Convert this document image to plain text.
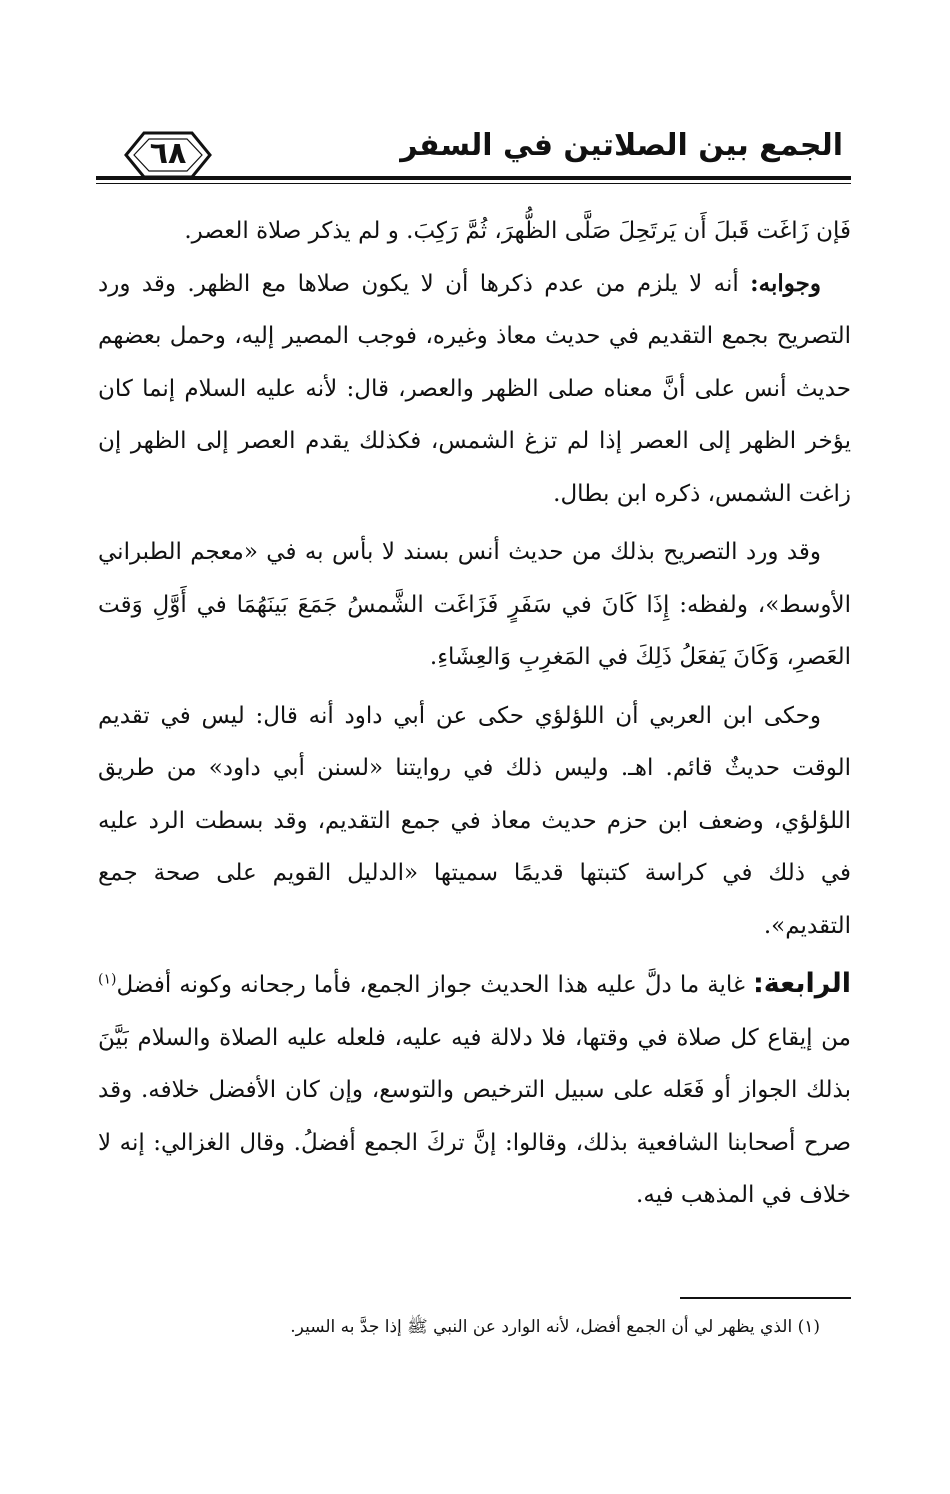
٦٨	الجمع بين الصلاتين في السفر

فَإن زَاغَت قَبلَ أَن يَرتَحِلَ صَلَّى الظُّهرَ، ثُمَّ رَكِبَ. و لم يذكر صلاة العصر.

وجوابه: أنه لا يلزم من عدم ذكرها أن لا يكون صلاها مع الظهر. وقد ورد التصريح بجمع التقديم في حديث معاذ وغيره، فوجب المصير إليه، وحمل بعضهم حديث أنس على أنَّ معناه صلى الظهر والعصر، قال: لأنه عليه السلام إنما كان يؤخر الظهر إلى العصر إذا لم تزغ الشمس، فكذلك يقدم العصر إلى الظهر إن زاغت الشمس، ذكره ابن بطال.

وقد ورد التصريح بذلك من حديث أنس بسند لا بأس به في «معجم الطبراني الأوسط»، ولفظه: إِذَا كَانَ في سَفَرٍ فَزَاغَت الشَّمسُ جَمَعَ بَينَهُمَا في أَوَّلِ وَقت العَصرِ، وَكَانَ يَفعَلُ ذَلِكَ في المَغرِبِ وَالعِشَاءِ.

وحكى ابن العربي أن اللؤلؤي حكى عن أبي داود أنه قال: ليس في تقديم الوقت حديثٌ قائم. اهـ. وليس ذلك في روايتنا «لسنن أبي داود» من طريق اللؤلؤي، وضعف ابن حزم حديث معاذ في جمع التقديم، وقد بسطت الرد عليه في ذلك في كراسة كتبتها قديمًا سميتها «الدليل القويم على صحة جمع التقديم».

الرابعة: غاية ما دلَّ عليه هذا الحديث جواز الجمع، فأما رجحانه وكونه أفضل$^{(١)}$ من إيقاع كل صلاة في وقتها، فلا دلالة فيه عليه، فلعله عليه الصلاة والسلام بَيَّنَ بذلك الجواز أو فَعَله على سبيل الترخيص والتوسع، وإن كان الأفضل خلافه. وقد صرح أصحابنا الشافعية بذلك، وقالوا: إنَّ تركَ الجمع أفضلُ. وقال الغزالي: إنه لا خلاف في المذهب فيه.

(١) الذي يظهر لي أن الجمع أفضل، لأنه الوارد عن النبي ﷺ إذا جدَّ به السير.
